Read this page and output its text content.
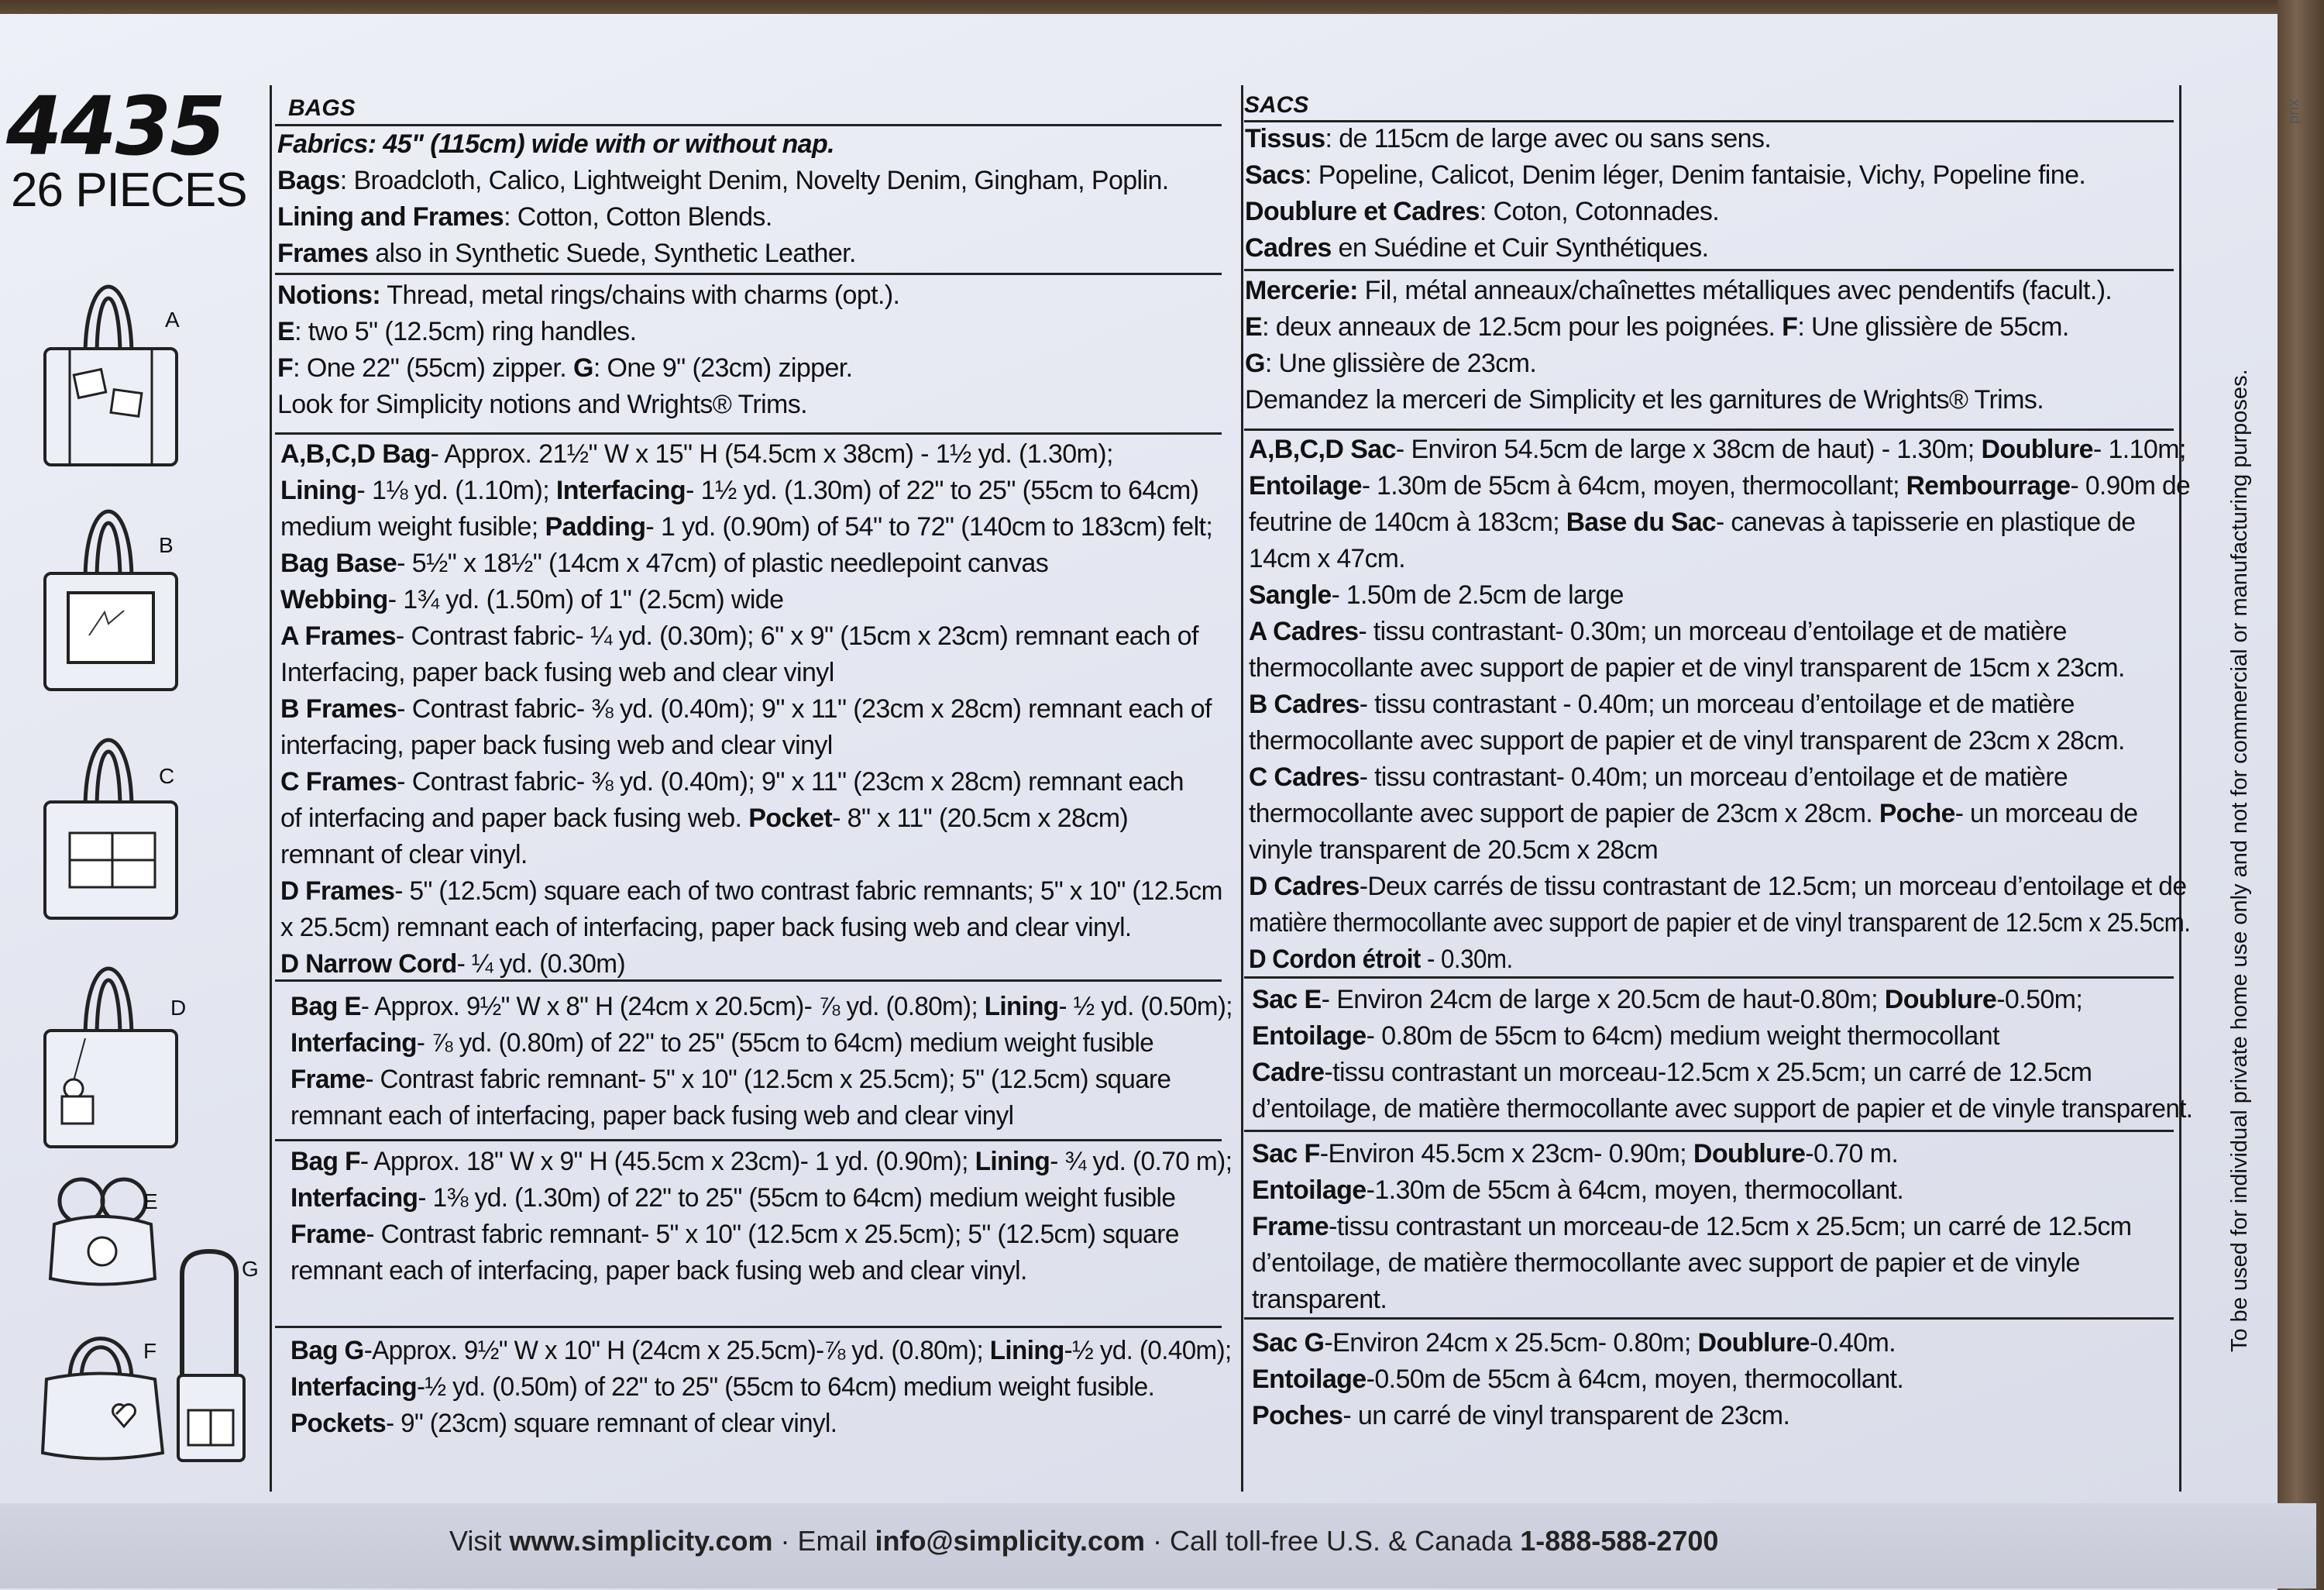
4435
26 PIECES
A
B
C
D
E
F
G
BAGS
Fabrics: 45" (115cm) wide with or without nap.
Bags: Broadcloth, Calico, Lightweight Denim, Novelty Denim, Gingham, Poplin.
Lining and Frames: Cotton, Cotton Blends.
Frames also in Synthetic Suede, Synthetic Leather.
Notions: Thread, metal rings/chains with charms (opt.).
E: two 5" (12.5cm) ring handles.
F: One 22" (55cm) zipper. G: One 9" (23cm) zipper.
Look for Simplicity notions and Wrights® Trims.
A,B,C,D Bag- Approx. 21½" W x 15" H (54.5cm x 38cm) - 1½ yd. (1.30m);
Lining- 1⅛ yd. (1.10m); Interfacing- 1½ yd. (1.30m) of 22" to 25" (55cm to 64cm)
medium weight fusible; Padding- 1 yd. (0.90m) of 54" to 72" (140cm to 183cm) felt;
Bag Base- 5½" x 18½" (14cm x 47cm) of plastic needlepoint canvas
Webbing- 1¾ yd. (1.50m) of 1" (2.5cm) wide
A Frames- Contrast fabric- ¼ yd. (0.30m); 6" x 9" (15cm x 23cm) remnant each of
Interfacing, paper back fusing web and clear vinyl
B Frames- Contrast fabric- ⅜ yd. (0.40m); 9" x 11" (23cm x 28cm) remnant each of
interfacing, paper back fusing web and clear vinyl
C Frames- Contrast fabric- ⅜ yd. (0.40m); 9" x 11" (23cm x 28cm) remnant each
of interfacing and paper back fusing web. Pocket- 8" x 11" (20.5cm x 28cm)
remnant of clear vinyl.
D Frames- 5" (12.5cm) square each of two contrast fabric remnants; 5" x 10" (12.5cm
x 25.5cm) remnant each of interfacing, paper back fusing web and clear vinyl.
D Narrow Cord- ¼ yd. (0.30m)
Bag E- Approx. 9½" W x 8" H (24cm x 20.5cm)- ⅞ yd. (0.80m); Lining- ½ yd. (0.50m);
Interfacing- ⅞ yd. (0.80m) of 22" to 25" (55cm to 64cm) medium weight fusible
Frame- Contrast fabric remnant- 5" x 10" (12.5cm x 25.5cm); 5" (12.5cm) square
remnant each of interfacing, paper back fusing web and clear vinyl
Bag F- Approx. 18" W x 9" H (45.5cm x 23cm)- 1 yd. (0.90m); Lining- ¾ yd. (0.70 m);
Interfacing- 1⅜ yd. (1.30m) of 22" to 25" (55cm to 64cm) medium weight fusible
Frame- Contrast fabric remnant- 5" x 10" (12.5cm x 25.5cm); 5" (12.5cm) square
remnant each of interfacing, paper back fusing web and clear vinyl.
Bag G-Approx. 9½" W x 10" H (24cm x 25.5cm)-⅞ yd. (0.80m); Lining-½ yd. (0.40m);
Interfacing-½ yd. (0.50m) of 22" to 25" (55cm to 64cm) medium weight fusible.
Pockets- 9" (23cm) square remnant of clear vinyl.
SACS
Tissus: de 115cm de large avec ou sans sens.
Sacs: Popeline, Calicot, Denim léger, Denim fantaisie, Vichy, Popeline fine.
Doublure et Cadres: Coton, Cotonnades.
Cadres en Suédine et Cuir Synthétiques.
Mercerie: Fil, métal anneaux/chaînettes métalliques avec pendentifs (facult.).
E: deux anneaux de 12.5cm pour les poignées. F: Une glissière de 55cm.
G: Une glissière de 23cm.
Demandez la merceri de Simplicity et les garnitures de Wrights® Trims.
A,B,C,D Sac- Environ 54.5cm de large x 38cm de haut) - 1.30m; Doublure- 1.10m;
Entoilage- 1.30m de 55cm à 64cm, moyen, thermocollant; Rembourrage- 0.90m de
feutrine de 140cm à 183cm; Base du Sac- canevas à tapisserie en plastique de
14cm x 47cm.
Sangle- 1.50m de 2.5cm de large
A Cadres- tissu contrastant- 0.30m; un morceau d’entoilage et de matière
thermocollante avec support de papier et de vinyl transparent de 15cm x 23cm.
B Cadres- tissu contrastant - 0.40m; un morceau d’entoilage et de matière
thermocollante avec support de papier et de vinyl transparent de 23cm x 28cm.
C Cadres- tissu contrastant- 0.40m; un morceau d’entoilage et de matière
thermocollante avec support de papier de 23cm x 28cm. Poche- un morceau de
vinyle transparent de 20.5cm x 28cm
D Cadres-Deux carrés de tissu contrastant de 12.5cm; un morceau d’entoilage et de
matière thermocollante avec support de papier et de vinyl transparent de 12.5cm x 25.5cm.
D Cordon étroit - 0.30m.
Sac E- Environ 24cm de large x 20.5cm de haut-0.80m; Doublure-0.50m;
Entoilage- 0.80m de 55cm to 64cm) medium weight thermocollant
Cadre-tissu contrastant un morceau-12.5cm x 25.5cm; un carré de 12.5cm
d’entoilage, de matière thermocollante avec support de papier et de vinyle transparent.
Sac F-Environ 45.5cm x 23cm- 0.90m; Doublure-0.70 m.
Entoilage-1.30m de 55cm à 64cm, moyen, thermocollant.
Frame-tissu contrastant un morceau-de 12.5cm x 25.5cm; un carré de 12.5cm
d’entoilage, de matière thermocollante avec support de papier et de vinyle
transparent.
Sac G-Environ 24cm x 25.5cm- 0.80m; Doublure-0.40m.
Entoilage-0.50m de 55cm à 64cm, moyen, thermocollant.
Poches- un carré de vinyl transparent de 23cm.
To be used for individual private home use only and not for commercial or manufacturing purposes.
prix
Visit www.simplicity.com · Email info@simplicity.com · Call toll-free U.S. & Canada 1-888-588-2700
